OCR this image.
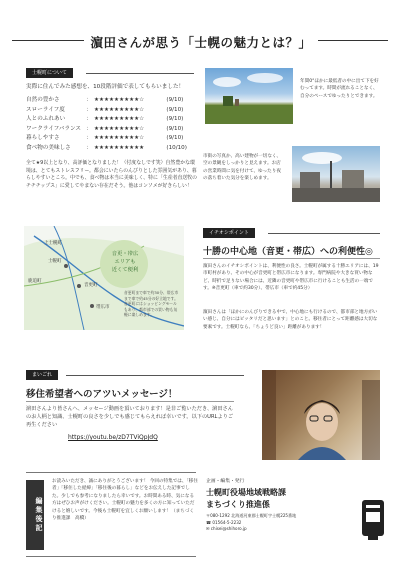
濵田さんが思う「士幌の魅力とは？」
士幌町について
実際に住んでみた感想を、10段階評価で表してもらいました！
自然の豊かさ	：	★★★★★★★★★☆	(9/10)
スローライフ度	：	★★★★★★★★★☆	(9/10)
人とのふれあい	：	★★★★★★★★★☆	(9/10)
ワークライフバランス	：	★★★★★★★★★☆	(9/10)
暮らしやすさ	：	★★★★★★★★★☆	(9/10)
食べ物の美味しさ	：	★★★★★★★★★★	(10/10)
全て★9以上となり、高評価となりました！（付度なしです笑）自然豊かな環境は、とてもストレスフリー。都会にいたらのんびりとした雰囲気があり、暮らしやすいところ。中でも、食べ物は本当に美味しく、特に「生産者直送牧のチチチップス」に愛してやまない存在だそう。他はコンソメが好きらしい！
年間0°ほかに最低者の中に出て下を好むってます。時間が流れることなく、自分のペースでゆったりとできます。
市街の写真か、高い建物が一切なく、空の景観をしっかりと見えます。お店の営業時間に気を付けて、ゆったり夜の落ち着いた気分を楽しめます。
イチオシポイント
音更・帯広
エリアも
近くて便利
士幌町
音更町
帯広市
上士幌町
鹿追町
音更町まで車で約30分、帯広市まで車で約45分の好立地です。音更町にはショッピングモールもあり、都市部での買い物も気軽に楽しめます。
十勝の中心地（音更・帯広）への利便性◎
濵田さんのイチオシポイントは、利便性の良さ。士幌町が属する十勝エリアには、19市町村があり、その中心が音更町と帯広市になります。専門病院や大きな買い物など、時折で足りない場合には、近隣の音更町や帯広市に行けることも生活の一端です。※音更町（車で約30分）、帯広市（車で約45分）
濵田さんは「ほかにのんびりできる中で、中心地にも行けるので、都市部と地方がいい感じ、自分にはピッタリだと思います」とのこと。移住者にとって距離感は大切な要素です。士幌町なら、「ちょうど良い」距離があります！
まいごれ
移住希望者へのアツいメッセージ！
濵田さんより皆さんへ、メッセージ動画を頂いております！是非ご覧いただき、濵田さんのお人柄と知識、士幌町の良さを少しでも感じてもらえれば幸いです。以下のURLよりご再生ください
https://youtu.be/zD7TViQpJdQ
編集後記
お読みいただき、誠にありがとうございます！ 今回の特集では、「移住者」「移住した経緯」「移住後の暮らし」などをお伝えした記事でした。少しでも参考になりましたら幸いです。お時間ある時、気になる方はぜひお声がけください。士幌町の魅力を多くの方に知っていただけると嬉しいです。今後も士幌町を宜しくお願いします！（まちづくり推進課　高橋）
企画・編集・発行
士幌町役場地域戦略課
まちづくり推進係
〒080-1292 北海道河東郡士幌町字士幌225番地
☎ 01564-5-2232
✉ chisei@shihoro.jp
